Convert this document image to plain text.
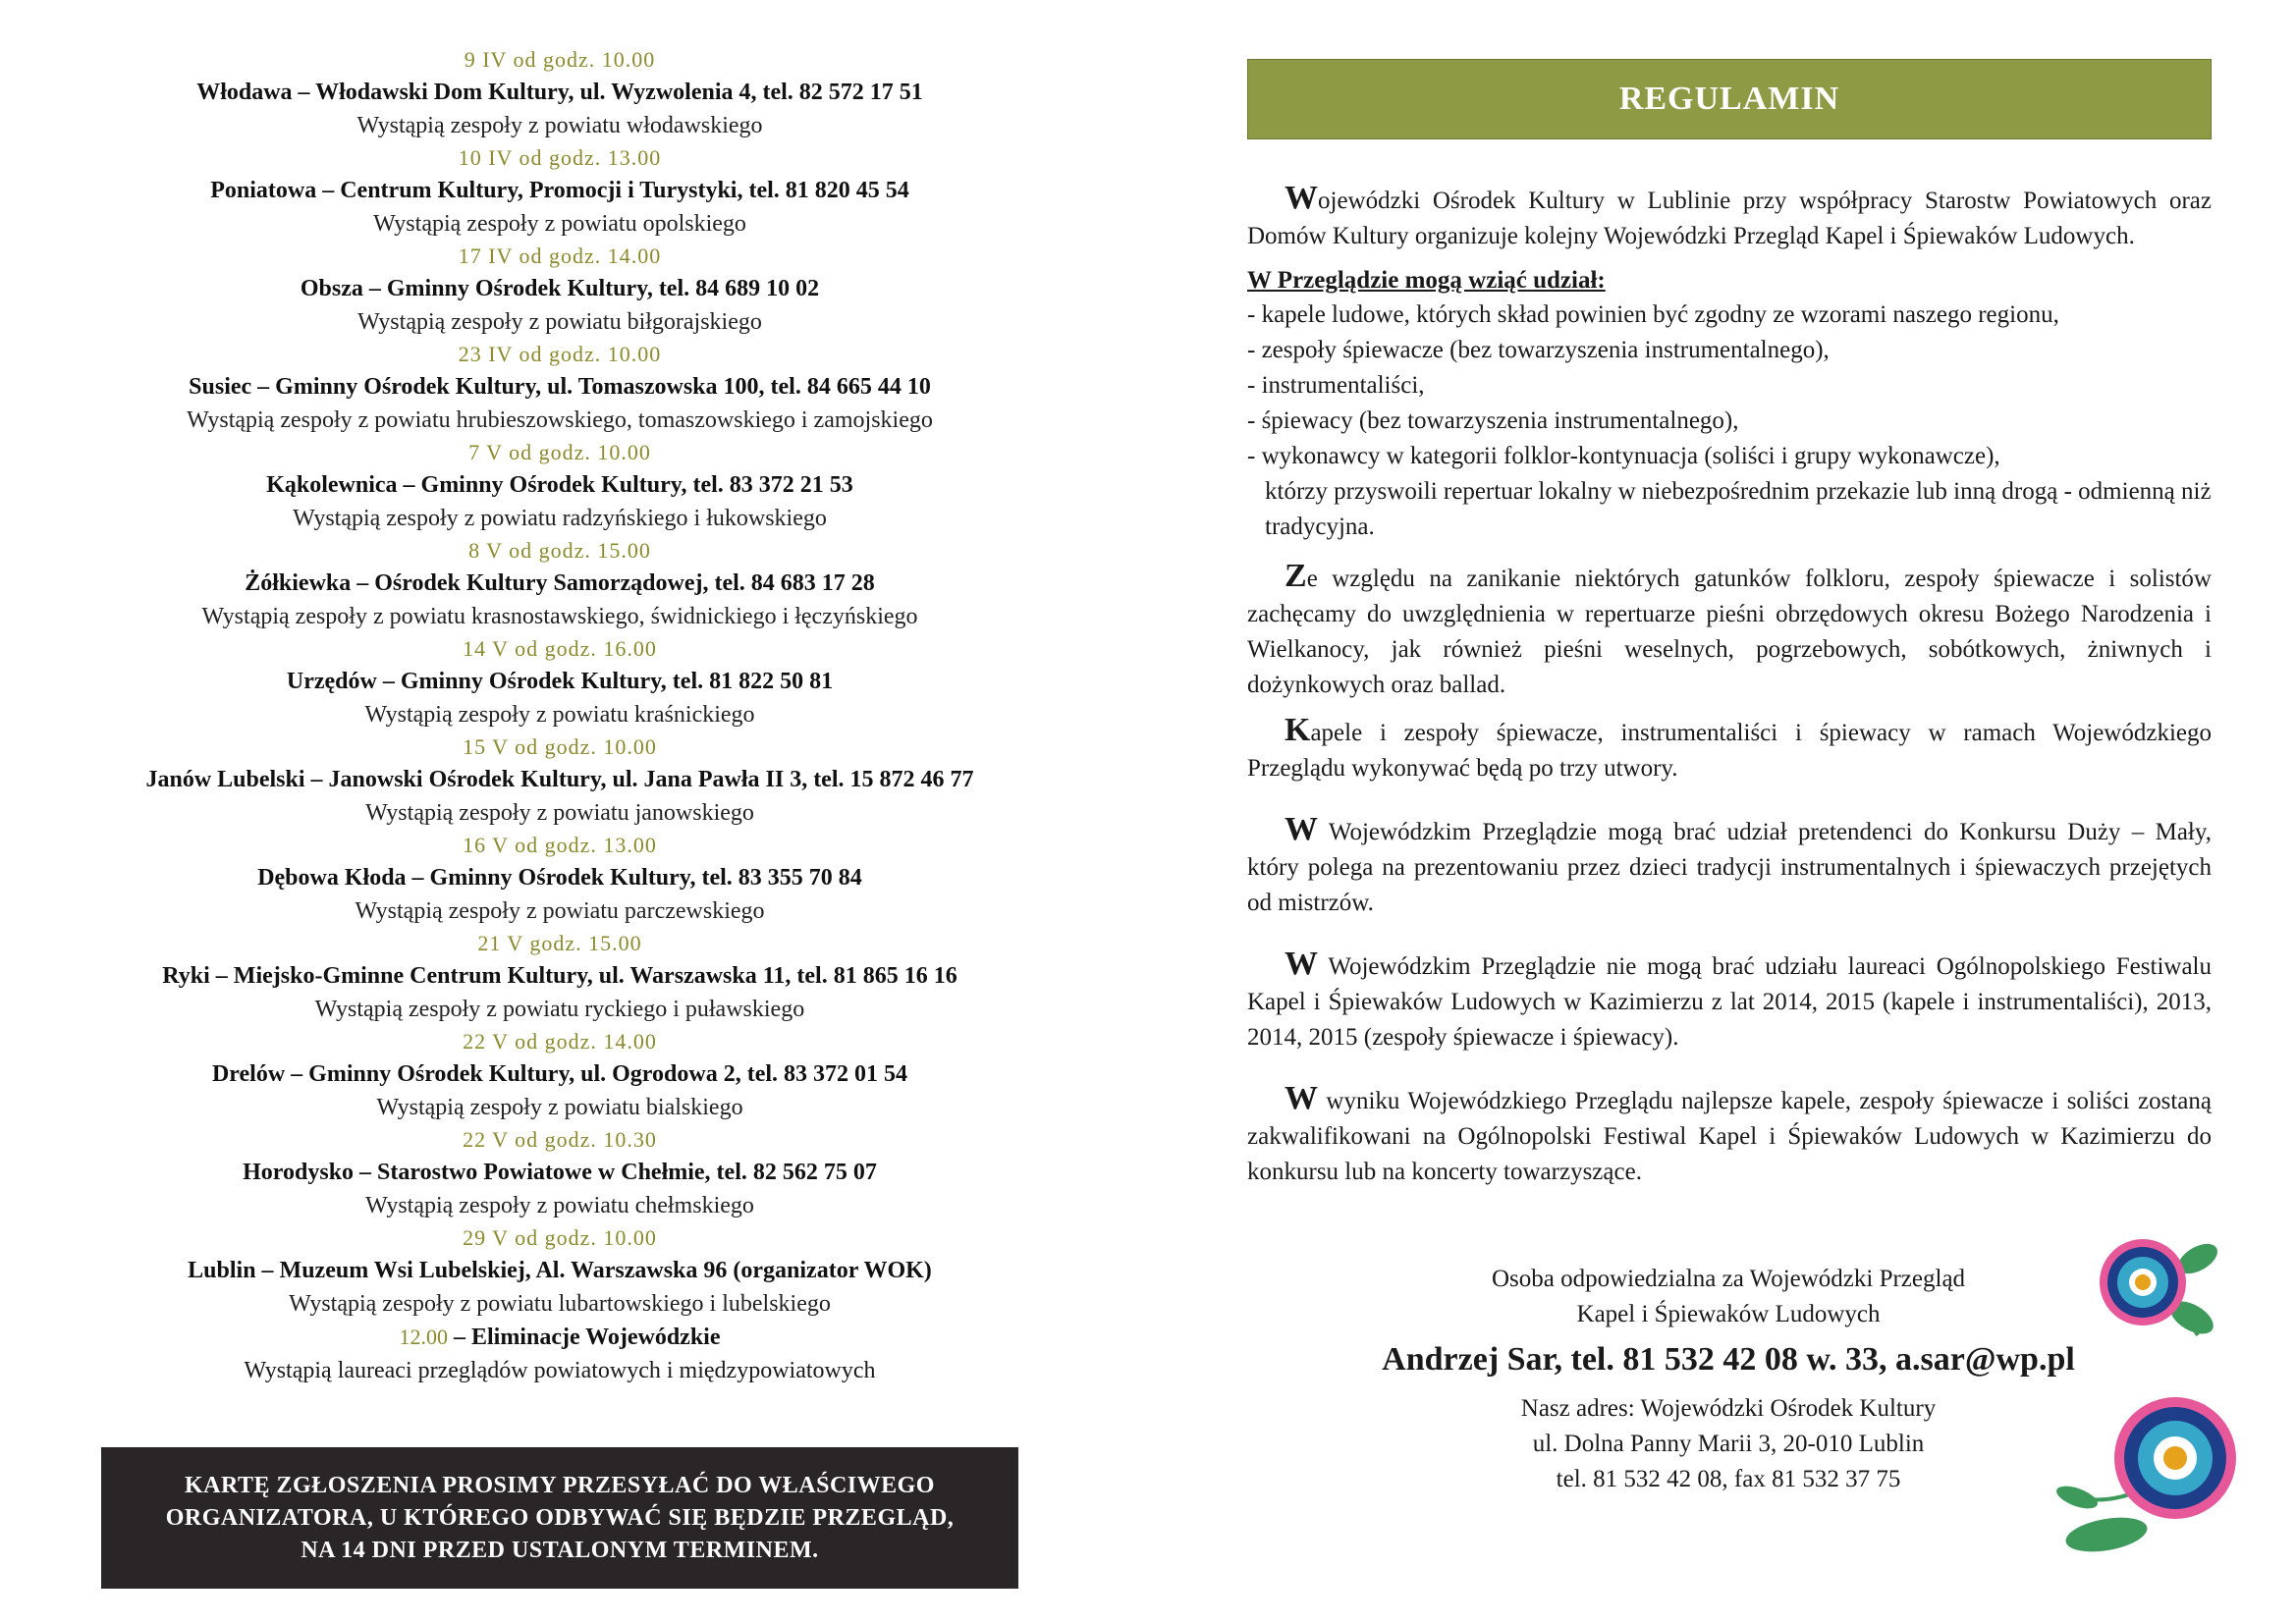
9 IV od godz. 10.00
Włodawa – Włodawski Dom Kultury, ul. Wyzwolenia 4, tel. 82 572 17 51
Wystąpią zespoły z powiatu włodawskiego
10 IV od godz. 13.00
Poniatowa – Centrum Kultury, Promocji i Turystyki, tel. 81 820 45 54
Wystąpią zespoły z powiatu opolskiego
17 IV od godz. 14.00
Obsza – Gminny Ośrodek Kultury, tel. 84 689 10 02
Wystąpią zespoły z powiatu biłgorajskiego
23 IV od godz. 10.00
Susiec – Gminny Ośrodek Kultury, ul. Tomaszowska 100, tel. 84 665 44 10
Wystąpią zespoły z powiatu hrubieszowskiego, tomaszowskiego i zamojskiego
7 V od godz. 10.00
Kąkolewnica – Gminny Ośrodek Kultury, tel. 83 372 21 53
Wystąpią zespoły z powiatu radzyńskiego i łukowskiego
8 V od godz. 15.00
Żółkiewka – Ośrodek Kultury Samorządowej, tel. 84 683 17 28
Wystąpią zespoły z powiatu krasnostawskiego, świdnickiego i łęczyńskiego
14 V od godz. 16.00
Urzędów – Gminny Ośrodek Kultury, tel. 81 822 50 81
Wystąpią zespoły z powiatu kraśnickiego
15 V od godz. 10.00
Janów Lubelski – Janowski Ośrodek Kultury, ul. Jana Pawła II 3, tel. 15 872 46 77
Wystąpią zespoły z powiatu janowskiego
16 V od godz. 13.00
Dębowa Kłoda – Gminny Ośrodek Kultury, tel. 83 355 70 84
Wystąpią zespoły z powiatu parczewskiego
21 V godz. 15.00
Ryki – Miejsko-Gminne Centrum Kultury, ul. Warszawska 11, tel. 81 865 16 16
Wystąpią zespoły z powiatu ryckiego i puławskiego
22 V od godz. 14.00
Drelów – Gminny Ośrodek Kultury, ul. Ogrodowa 2, tel. 83 372 01 54
Wystąpią zespoły z powiatu bialskiego
22 V od godz. 10.30
Horodysko – Starostwo Powiatowe w Chełmie, tel. 82 562 75 07
Wystąpią zespoły z powiatu chełmskiego
29 V od godz. 10.00
Lublin – Muzeum Wsi Lubelskiej, Al. Warszawska 96 (organizator WOK)
Wystąpią zespoły z powiatu lubartowskiego i lubelskiego
12.00 – Eliminacje Wojewódzkie
Wystąpią laureaci przeglądów powiatowych i międzypowiatowych
KARTĘ ZGŁOSZENIA PROSIMY PRZESYŁAĆ DO WŁAŚCIWEGO
ORGANIZATORA, U KTÓREGO ODBYWAĆ SIĘ BĘDZIE PRZEGLĄD,
NA 14 DNI PRZED USTALONYM TERMINEM.
REGULAMIN

Wojewódzki Ośrodek Kultury w Lublinie przy współpracy Starostw Powiatowych oraz Domów Kultury organizuje kolejny Wojewódzki Przegląd Kapel i Śpiewaków Ludowych.

W Przeglądzie mogą wziąć udział:
- kapele ludowe, których skład powinien być zgodny ze wzorami naszego regionu,
- zespoły śpiewacze (bez towarzyszenia instrumentalnego),
- instrumentaliści,
- śpiewacy (bez towarzyszenia instrumentalnego),
- wykonawcy w kategorii folklor-kontynuacja (soliści i grupy wykonawcze),
którzy przyswoili repertuar lokalny w niebezpośrednim przekazie lub inną drogą - odmienną niż tradycyjna.

Ze względu na zanikanie niektórych gatunków folkloru, zespoły śpiewacze i solistów zachęcamy do uwzględnienia w repertuarze pieśni obrzędowych okresu Bożego Narodzenia i Wielkanocy, jak również pieśni weselnych, pogrzebowych, sobótkowych, żniwnych i dożynkowych oraz ballad.

Kapele i zespoły śpiewacze, instrumentaliści i śpiewacy w ramach Wojewódzkiego Przeglądu wykonywać będą po trzy utwory.

W Wojewódzkim Przeglądzie mogą brać udział pretendenci do Konkursu Duży – Mały, który polega na prezentowaniu przez dzieci tradycji instrumentalnych i śpiewaczych przejętych od mistrzów.

W Wojewódzkim Przeglądzie nie mogą brać udziału laureaci Ogólnopolskiego Festiwalu Kapel i Śpiewaków Ludowych w Kazimierzu z lat 2014, 2015 (kapele i instrumentaliści), 2013, 2014, 2015 (zespoły śpiewacze i śpiewacy).

W wyniku Wojewódzkiego Przeglądu najlepsze kapele, zespoły śpiewacze i soliści zostaną zakwalifikowani na Ogólnopolski Festiwal Kapel i Śpiewaków Ludowych w Kazimierzu do konkursu lub na koncerty towarzyszące.

Osoba odpowiedzialna za Wojewódzki Przegląd
Kapel i Śpiewaków Ludowych
Andrzej Sar, tel. 81 532 42 08 w. 33, a.sar@wp.pl
Nasz adres: Wojewódzki Ośrodek Kultury
ul. Dolna Panny Marii 3, 20-010 Lublin
tel. 81 532 42 08, fax 81 532 37 75
